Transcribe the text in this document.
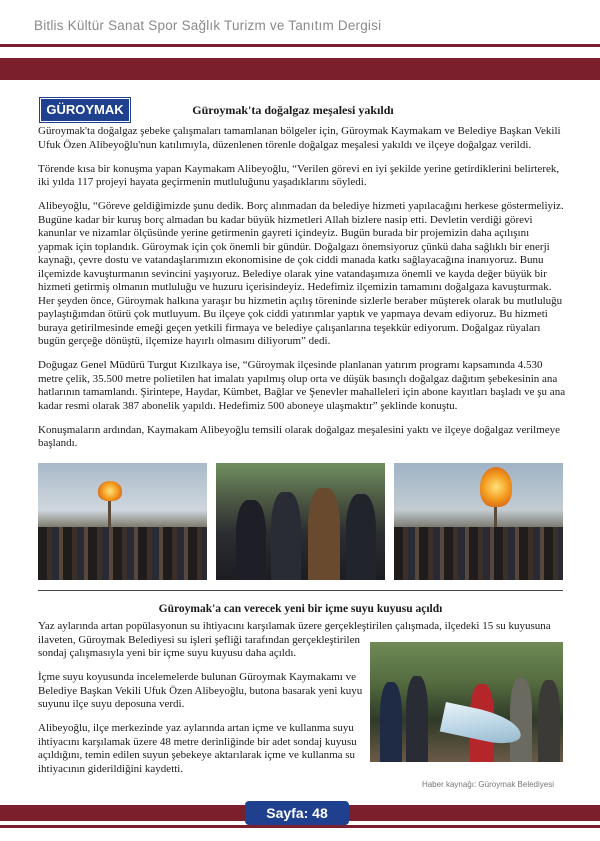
Bitlis Kültür Sanat Spor Sağlık Turizm ve Tanıtım Dergisi
GÜROYMAK	Güroymak'ta doğalgaz meşalesi yakıldı

Güroymak'ta doğalgaz şebeke çalışmaları tamamlanan bölgeler için, Güroymak Kaymakam ve Belediye Başkan Vekili Ufuk Özen Alibeyoğlu'nun katılımıyla, düzenlenen törenle doğalgaz meşalesi yakıldı ve ilçeye doğalgaz verildi.

Törende kısa bir konuşma yapan Kaymakam Alibeyoğlu, “Verilen görevi en iyi şekilde yerine getirdiklerini belirterek, iki yılda 117 projeyi hayata geçirmenin mutluluğunu yaşadıklarını söyledi.

Alibeyoğlu, “Göreve geldiğimizde şunu dedik. Borç alınmadan da belediye hizmeti yapılacağını herkese göstermeliyiz. Bugüne kadar bir kuruş borç almadan bu kadar büyük hizmetleri Allah bizlere nasip etti. Devletin verdiği görevi kanunlar ve nizamlar ölçüsünde yerine getirmenin gayreti içindeyiz. Bugün burada bir projemizin daha açılışını yapmak için toplandık. Güroymak için çok önemli bir gündür. Doğalgazı önemsiyoruz çünkü daha sağlıklı bir enerji kaynağı, çevre dostu ve vatandaşlarımızın ekonomisine de çok ciddi manada katkı sağlayacağına inanıyoruz. Bunu ilçemizde kavuşturmanın sevincini yaşıyoruz. Belediye olarak yine vatandaşımıza önemli ve kayda değer büyük bir hizmeti getirmiş olmanın mutluluğu ve huzuru içerisindeyiz. Hedefimiz ilçemizin tamamını doğalgaza kavuşturmak. Her şeyden önce, Güroymak halkına yaraşır bu hizmetin açılış töreninde sizlerle beraber müşterek olarak bu mutluluğu paylaştığımdan ötürü çok mutluyum. Bu ilçeye çok ciddi yatırımlar yaptık ve yapmaya devam ediyoruz. Bu hizmeti buraya getirilmesinde emeği geçen yetkili firmaya ve belediye çalışanlarına teşekkür ediyorum. Doğalgaz rüyaları bugün gerçeğe dönüştü, ilçemize hayırlı olmasını diliyorum” dedi.

Doğugaz Genel Müdürü Turgut Kızılkaya ise, “Güroymak ilçesinde planlanan yatırım programı kapsamında 4.530 metre çelik, 35.500 metre polietilen hat imalatı yapılmış olup orta ve düşük basınçlı doğalgaz dağıtım şebekesinin ana hatlarının tamamlandı. Şirintepe, Haydar, Kümbet, Bağlar ve Şenevler mahalleleri için abone kayıtları başladı ve şu ana kadar resmi olarak 387 abonelik yapıldı. Hedefimiz 500 aboneye ulaşmaktır” şeklinde konuştu.

Konuşmaların ardından, Kaymakam Alibeyoğlu temsili olarak doğalgaz meşalesini yaktı ve ilçeye doğalgaz verilmeye başlandı.

Güroymak'a can verecek yeni bir içme suyu kuyusu açıldı

Yaz aylarında artan popülasyonun su ihtiyacını karşılamak üzere gerçekleştirilen çalışmada, ilçedeki 15 su kuyusuna

ilaveten, Güroymak Belediyesi su işleri şefliği tarafından gerçekleştirilen sondaj çalışmasıyla yeni bir içme suyu kuyusu daha açıldı.

İçme suyu koyusunda incelemelerde bulunan Güroymak Kaymakamı ve Belediye Başkan Vekili Ufuk Özen Alibeyoğlu, butona basarak yeni kuyu suyunu ilçe suyu deposuna verdi.

Alibeyoğlu, ilçe merkezinde yaz aylarında artan içme ve kullanma suyu ihtiyacını karşılamak üzere 48 metre derinliğinde bir adet sondaj kuyusu açıldığını, temin edilen suyun şebekeye aktarılarak içme ve kullanma su ihtiyacının giderildiğini kaydetti.

Haber kaynağı: Güroymak Belediyesi
Sayfa: 48
